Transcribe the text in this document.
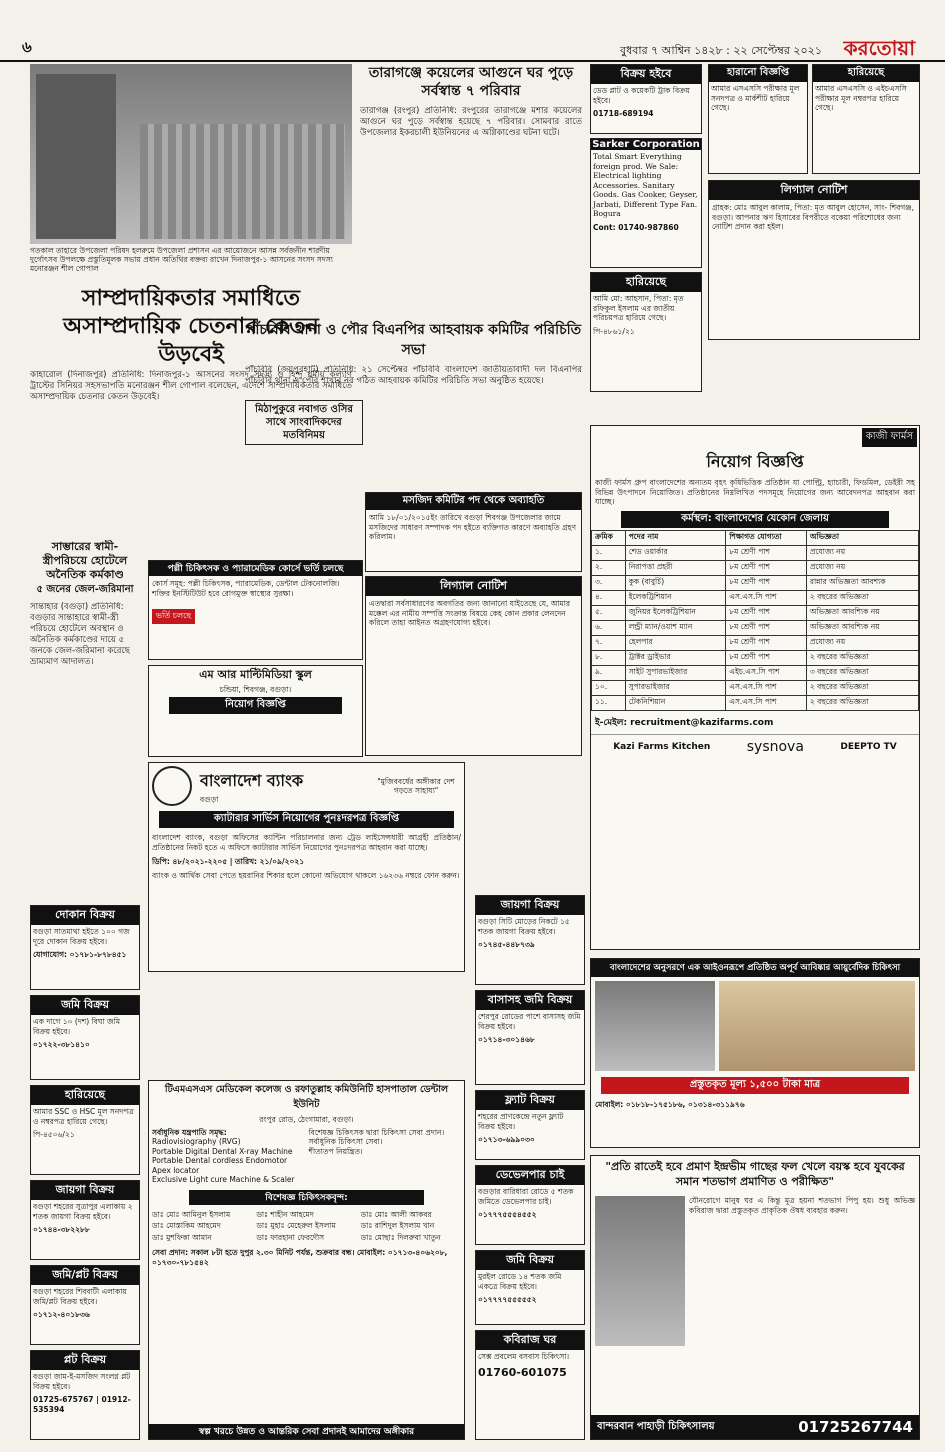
৬	বুধবার ৭ আশ্বিন ১৪২৮ : ২২ সেপ্টেম্বর ২০২১ করতোয়া
গতকাল তাহারে উপজেলা পরিষদ হলরুমে উপজেলা প্রশাসন এর আয়োজনে আসন্ন সর্বজনীন শারদীয় দুর্গোৎসব উপলক্ষে প্রস্তুতিমূলক সভায় প্রধান অতিথির বক্তব্য রাখেন দিনাজপুর-১ আসনের সংসদ সদস্য মনোরঞ্জন শীল গোপাল
সাম্প্রদায়িকতার সমাধিতে অসাম্প্রদায়িক চেতনার কেতন উড়বেই
কাহারোল (দিনাজপুর) প্রতিনিধি: দিনাজপুর-১ আসনের সংসদ সদস্য ও হিন্দু ধর্মীয় কল্যাণ ট্রাস্টের সিনিয়র সহসভাপতি মনোরঞ্জন শীল গোপাল বলেছেন, এদেশে সাম্প্রদায়িকতার সমাধিতে অসাম্প্রদায়িক চেতনার কেতন উড়বেই।
সাম্ভারের স্বামী-স্ত্রীপরিচয়ে হোটেলে অনৈতিক কর্মকাণ্ড
৫ জনের জেল-জরিমানা
সান্তাহার (বগুড়া) প্রতিনিধি: বগুড়ার সান্তাহারে স্বামী-স্ত্রী পরিচয়ে হোটেলে অবস্থান ও অনৈতিক কর্মকাণ্ডের দায়ে ৫ জনকে জেল-জরিমানা করেছে ভ্রাম্যমাণ আদালত।
দোকান বিক্রয়
বগুড়া সাতমাথা হইতে ১০০ গজ দূরে দোকান বিক্রয় হইবে।
যোগাযোগ: ০১৭৮১-৮৭৮৪৫১
জমি বিক্রয়
এক দাগে ১০ (দশ) বিঘা জমি বিক্রয় হইবে।
০১৭২২-৩৮১৪১০
হারিয়েছে
আমার SSC ও HSC মূল সনদপত্র ও নম্বরপত্র হারিয়ে গেছে।
পি-৪৫০৬/২১
জায়গা বিক্রয়
বগুড়া শহরের সুত্রাপুর এলাকায় ২ শতক জায়গা বিক্রয় হইবে।
০১৭৪৪-৩৮২২৮৮
জমি/প্লট বিক্রয়
বগুড়া শহরের শিববাটী এলাকায় জমি/প্লট বিক্রয় হইবে।
০১৭১২-৪০১৮৩৬
প্লট বিক্রয়
বগুড়া জাম-ই-মসজিদ সংলগ্ন প্লট বিক্রয় হইবে।
01725-675767 | 01912-535394
তারাগঞ্জে কয়েলের আগুনে ঘর পুড়ে সর্বস্বান্ত ৭ পরিবার
তারাগঞ্জ (রংপুর) প্রতিনিধি: রংপুরের তারাগঞ্জে মশার কয়েলের আগুনে ঘর পুড়ে সর্বস্বান্ত হয়েছে ৭ পরিবার। সোমবার রাতে উপজেলার ইকরচালী ইউনিয়নের এ অগ্নিকাণ্ডের ঘটনা ঘটে।
পাঁচবিবি থানা ও পৌর বিএনপির আহবায়ক কমিটির পরিচিতি সভা
পাঁচবিবি (জয়পুরহাট) প্রতিনিধি: ২১ সেপ্টেম্বর পাঁচবিবি বাংলাদেশ জাতীয়তাবাদী দল বিএনপির পাঁচবিবি থানা ও পৌর শাখার নব গঠিত আহবায়ক কমিটির পরিচিতি সভা অনুষ্ঠিত হয়েছে।
মিঠাপুকুরে নবাগত ওসির সাথে সাংবাদিকদের মতবিনিময়
মসজিদ কমিটির পদ থেকে অব্যাহতি
আমি ১৮/০১/২০১৫ইং তারিখে বগুড়া শিবগঞ্জ উপজেলার জামে মসজিদের সাধারণ সম্পাদক পদ হইতে ব্যক্তিগত কারণে অব্যাহতি গ্রহণ করিলাম।
পল্লী চিকিৎসক ও প্যারামেডিক কোর্সে ভর্তি চলছে
কোর্স সমূহ: পল্লী চিকিৎসক, প্যারামেডিক, ডেন্টাল টেকনোলজি। শক্তির ইনস্টিটিউট হবে রোগমুক্ত স্বাস্থ্যের সুরক্ষা।
ভর্তি চলছে
লিগ্যাল নোটিশ
এতদ্বারা সর্বসাধারণের অবগতির জন্য জানানো যাইতেছে যে, আমার মক্কেল এর নামীয় সম্পত্তি সংক্রান্ত বিষয়ে কেহ কোন প্রকার লেনদেন করিলে তাহা আইনত অগ্রহণযোগ্য হইবে।
এম আর মাল্টিমিডিয়া স্কুল
চন্ডিয়া, শিবগঞ্জ, বগুড়া।
নিয়োগ বিজ্ঞপ্তি
বাংলাদেশ ব্যাংক
বগুড়া
"মুজিববর্ষের অঙ্গীকার দেশ গড়তে সাহায্য"
ক্যাটারার সার্ভিস নিয়োগের পুনঃদরপত্র বিজ্ঞপ্তি
বাংলাদেশ ব্যাংক, বগুড়া অফিসের ক্যান্টিন পরিচালনার জন্য ট্রেড লাইসেন্সধারী আগ্রহী প্রতিষ্ঠান/প্রতিষ্ঠানের নিকট হতে এ অফিসে ক্যাটারার সার্ভিস নিয়োগের পুনঃদরপত্র আহবান করা যাচ্ছে।
ডিপি: ৪৮/২০২১-২২০৫ | তারিখ: ২১/০৯/২০২১
ব্যাংক ও আর্থিক সেবা পেতে হয়রানির শিকার হলে কোনো অভিযোগ থাকলে ১৬২৩৬ নম্বরে ফোন করুন।
টিএমএসএস মেডিকেল কলেজ ও রফাতুল্লাহ কমিউনিটি হাসপাতাল ডেন্টাল ইউনিট
রংপুর রোড, ঠেংগামারা, বগুড়া।
সর্বাধুনিক যন্ত্রপাতি সমৃদ্ধ:
Radiovisiography (RVG)
Portable Digital Dental X-ray Machine
Portable Dental cordless Endomotor
Apex locator
Exclusive Light cure Machine & Scaler
বিশেষজ্ঞ চিকিৎসক দ্বারা চিকিৎসা সেবা প্রদান।
সর্বাধুনিক চিকিৎসা সেবা।
শীতাতপ নিয়ন্ত্রিত।
বিশেষজ্ঞ চিকিৎসকবৃন্দ:
ডাঃ মোঃ আমিনুল ইসলাম	ডাঃ শাহীন আহমেদ	ডাঃ মোঃ আলী আকবর
ডাঃ মোস্তাকিম আহমেদ	ডাঃ মুহাঃ মেহেরুল ইসলাম	ডাঃ রাশিদুল ইসলাম খান
ডাঃ মুশফিকা আমান	ডাঃ ফারহানা ফেরদৌস	ডাঃ মোছাঃ দিলরুবা খাতুন
সেবা প্রদান: সকাল ৮টা হতে দুপুর ২.৩০ মিনিট পর্যন্ত, শুক্রবার বন্ধ। মোবাইল: ০১৭১৩-৪০৬২০৮, ০১৭৩০-৭৮১৫৪২
স্বল্প খরচে উন্নত ও আন্তরিক সেবা প্রদানই আমাদের অঙ্গীকার
বিক্রয় হইবে
ডেড প্লাট ও কয়েকটি ট্রাক বিক্রয় হইবে।
01718-689194
Sarker Corporation
Total Smart Everything foreign prod. We Sale: Electrical lighting Accessories. Sanitary Goods. Gas Cooker, Geyser, Jarbati, Different Type Fan. Bogura
Cont: 01740-987860
হারিয়েছে
আমি মো: আহসান, পিতা: মৃত রফিকুল ইসলাম এর জাতীয় পরিচয়পত্র হারিয়ে গেছে।
পি-৪৮৬১/২১
জায়গা বিক্রয়
বগুড়া সিটি মোড়ের নিকটে ১৫ শতক জায়গা বিক্রয় হইবে।
০১৭৪৫-৪৪৮৭৩৯
বাসাসহ জমি বিক্রয়
শেরপুর রোডের পাশে বাসাসহ জমি বিক্রয় হইবে।
০১৭১৪-৩০১৪৬৮
ফ্ল্যাট বিক্রয়
শহরের প্রাণকেন্দ্রে নতুন ফ্ল্যাট বিক্রয় হইবে।
০১৭১৩-৬৯৯০৩০
ডেভেলপার চাই
বগুড়ার বারিধারা রোডে ৫ শতক জমিতে ডেভেলপার চাই।
০১৭৭৭৫৫৫৪৫৫২
জমি বিক্রয়
মুরইল রোডে ১৪ শতক জমি একত্রে বিক্রয় হইবে।
০১৭৭৭৭৫৫৫৫৫২
কবিরাজ ঘর
সেক্স প্রবলেম বসবাস চিকিৎসা।
01760-601075
হারানো বিজ্ঞপ্তি
আমার এসএসসি পরীক্ষার মূল সনদপত্র ও মার্কশীট হারিয়ে গেছে।
হারিয়েছে
আমার এসএসসি ও এইচএসসি পরীক্ষার মূল নম্বরপত্র হারিয়ে গেছে।
লিগ্যাল নোটিশ
গ্রাহক: মোঃ আবুল কালাম, পিতা: মৃত আবুল হোসেন, সাং- শিবগঞ্জ, বগুড়া। আপনার ঋণ হিসাবের বিপরীতে বকেয়া পরিশোধের জন্য নোটিশ প্রদান করা হইল।
কাজী ফার্মস
নিয়োগ বিজ্ঞপ্তি
কাজী ফার্মস গ্রুপ বাংলাদেশের অন্যতম বৃহৎ কৃষিভিত্তিক প্রতিষ্ঠান যা পোল্ট্রি, হ্যাচারী, ফিডমিল, ডেইরী সহ বিভিন্ন উৎপাদনে নিয়োজিত। প্রতিষ্ঠানের নিম্নলিখিত পদসমূহে নিয়োগের জন্য আবেদনপত্র আহবান করা যাচ্ছে।
কর্মস্থল: বাংলাদেশের যেকোন জেলায়
ক্রমিক	পদের নাম	শিক্ষাগত যোগ্যতা	অভিজ্ঞতা
১.	শেড ওয়ার্কার	৮ম শ্রেণী পাশ	প্রযোজ্য নয়
২.	নিরাপত্তা প্রহরী	৮ম শ্রেণী পাশ	প্রযোজ্য নয়
৩.	কুক (বাবুর্চি)	৮ম শ্রেণী পাশ	রান্নার অভিজ্ঞতা আবশ্যক
৪.	ইলেকট্রিশিয়ান	এস.এস.সি পাশ	২ বছরের অভিজ্ঞতা
৫.	জুনিয়র ইলেকট্রিশিয়ান	৮ম শ্রেণী পাশ	অভিজ্ঞতা আবশ্যিক নয়
৬.	লন্ড্রী ম্যান/ওয়াশ ম্যান	৮ম শ্রেণী পাশ	অভিজ্ঞতা আবশ্যিক নয়
৭.	হেলপার	৮ম শ্রেণী পাশ	প্রযোজ্য নয়
৮.	ট্রাক্টর ড্রাইভার	৮ম শ্রেণী পাশ	২ বছরের অভিজ্ঞতা
৯.	সাইট সুপারভাইজার	এইচ.এস.সি পাশ	৩ বছরের অভিজ্ঞতা
১০.	সুপারভাইজার	এস.এস.সি পাশ	২ বছরের অভিজ্ঞতা
১১.	টেকনিশিয়ান	এস.এস.সি পাশ	২ বছরের অভিজ্ঞতা
ই-মেইল: recruitment@kazifarms.com
Kazi Farms Kitchen	sysnova	DEEPTO TV
বাংলাদেশের অনুসরণে এক আইওনরূপে প্রতিষ্ঠিত অপূর্ব আবিষ্কার আয়ুর্বেদিক চিকিৎসা
প্রস্তুতকৃত মূল্য ১,৫০০ টাকা মাত্র
মোবাইল: ০১৮১৮-১৭৫১৮৬, ০১৩১৪-৩১১৯৭৬
"প্রতি রাতেই হবে প্রমাণ ইন্দ্রভীম গাছের ফল খেলে বয়স্ক হবে যুবকের সমান শতভাগ প্রমাণিত ও পরীক্ষিত"
যৌনরোগে মানুষ ঘর এ কিন্তু মূত্র হয়না শতভাগ পিপু হয়। শুধু অভিজ্ঞ কবিরাজ দ্বারা প্রস্তুতকৃত প্রাকৃতিক ঔষধ ব্যবহার করুন।
বান্দরবান পাহাড়ী চিকিৎসালয়	01725267744
